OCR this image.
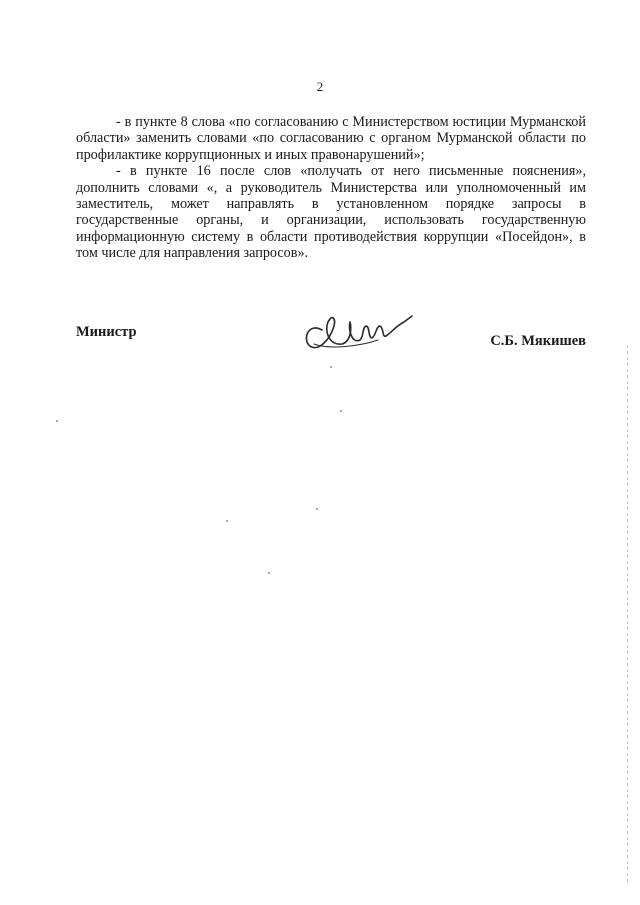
2

- в пункте 8 слова «по согласованию с Министерством юстиции Мурманской области» заменить словами «по согласованию с органом Мурманской области по профилактике коррупционных и иных правонарушений»;

- в пункте 16 после слов «получать от него письменные пояснения», дополнить словами «, а руководитель Министерства или уполномоченный им заместитель, может направлять в установленном порядке запросы в государственные органы, и организации, использовать государственную информационную систему в области противодействия коррупции «Посейдон», в том числе для направления запросов».

Министр
С.Б. Мякишев
